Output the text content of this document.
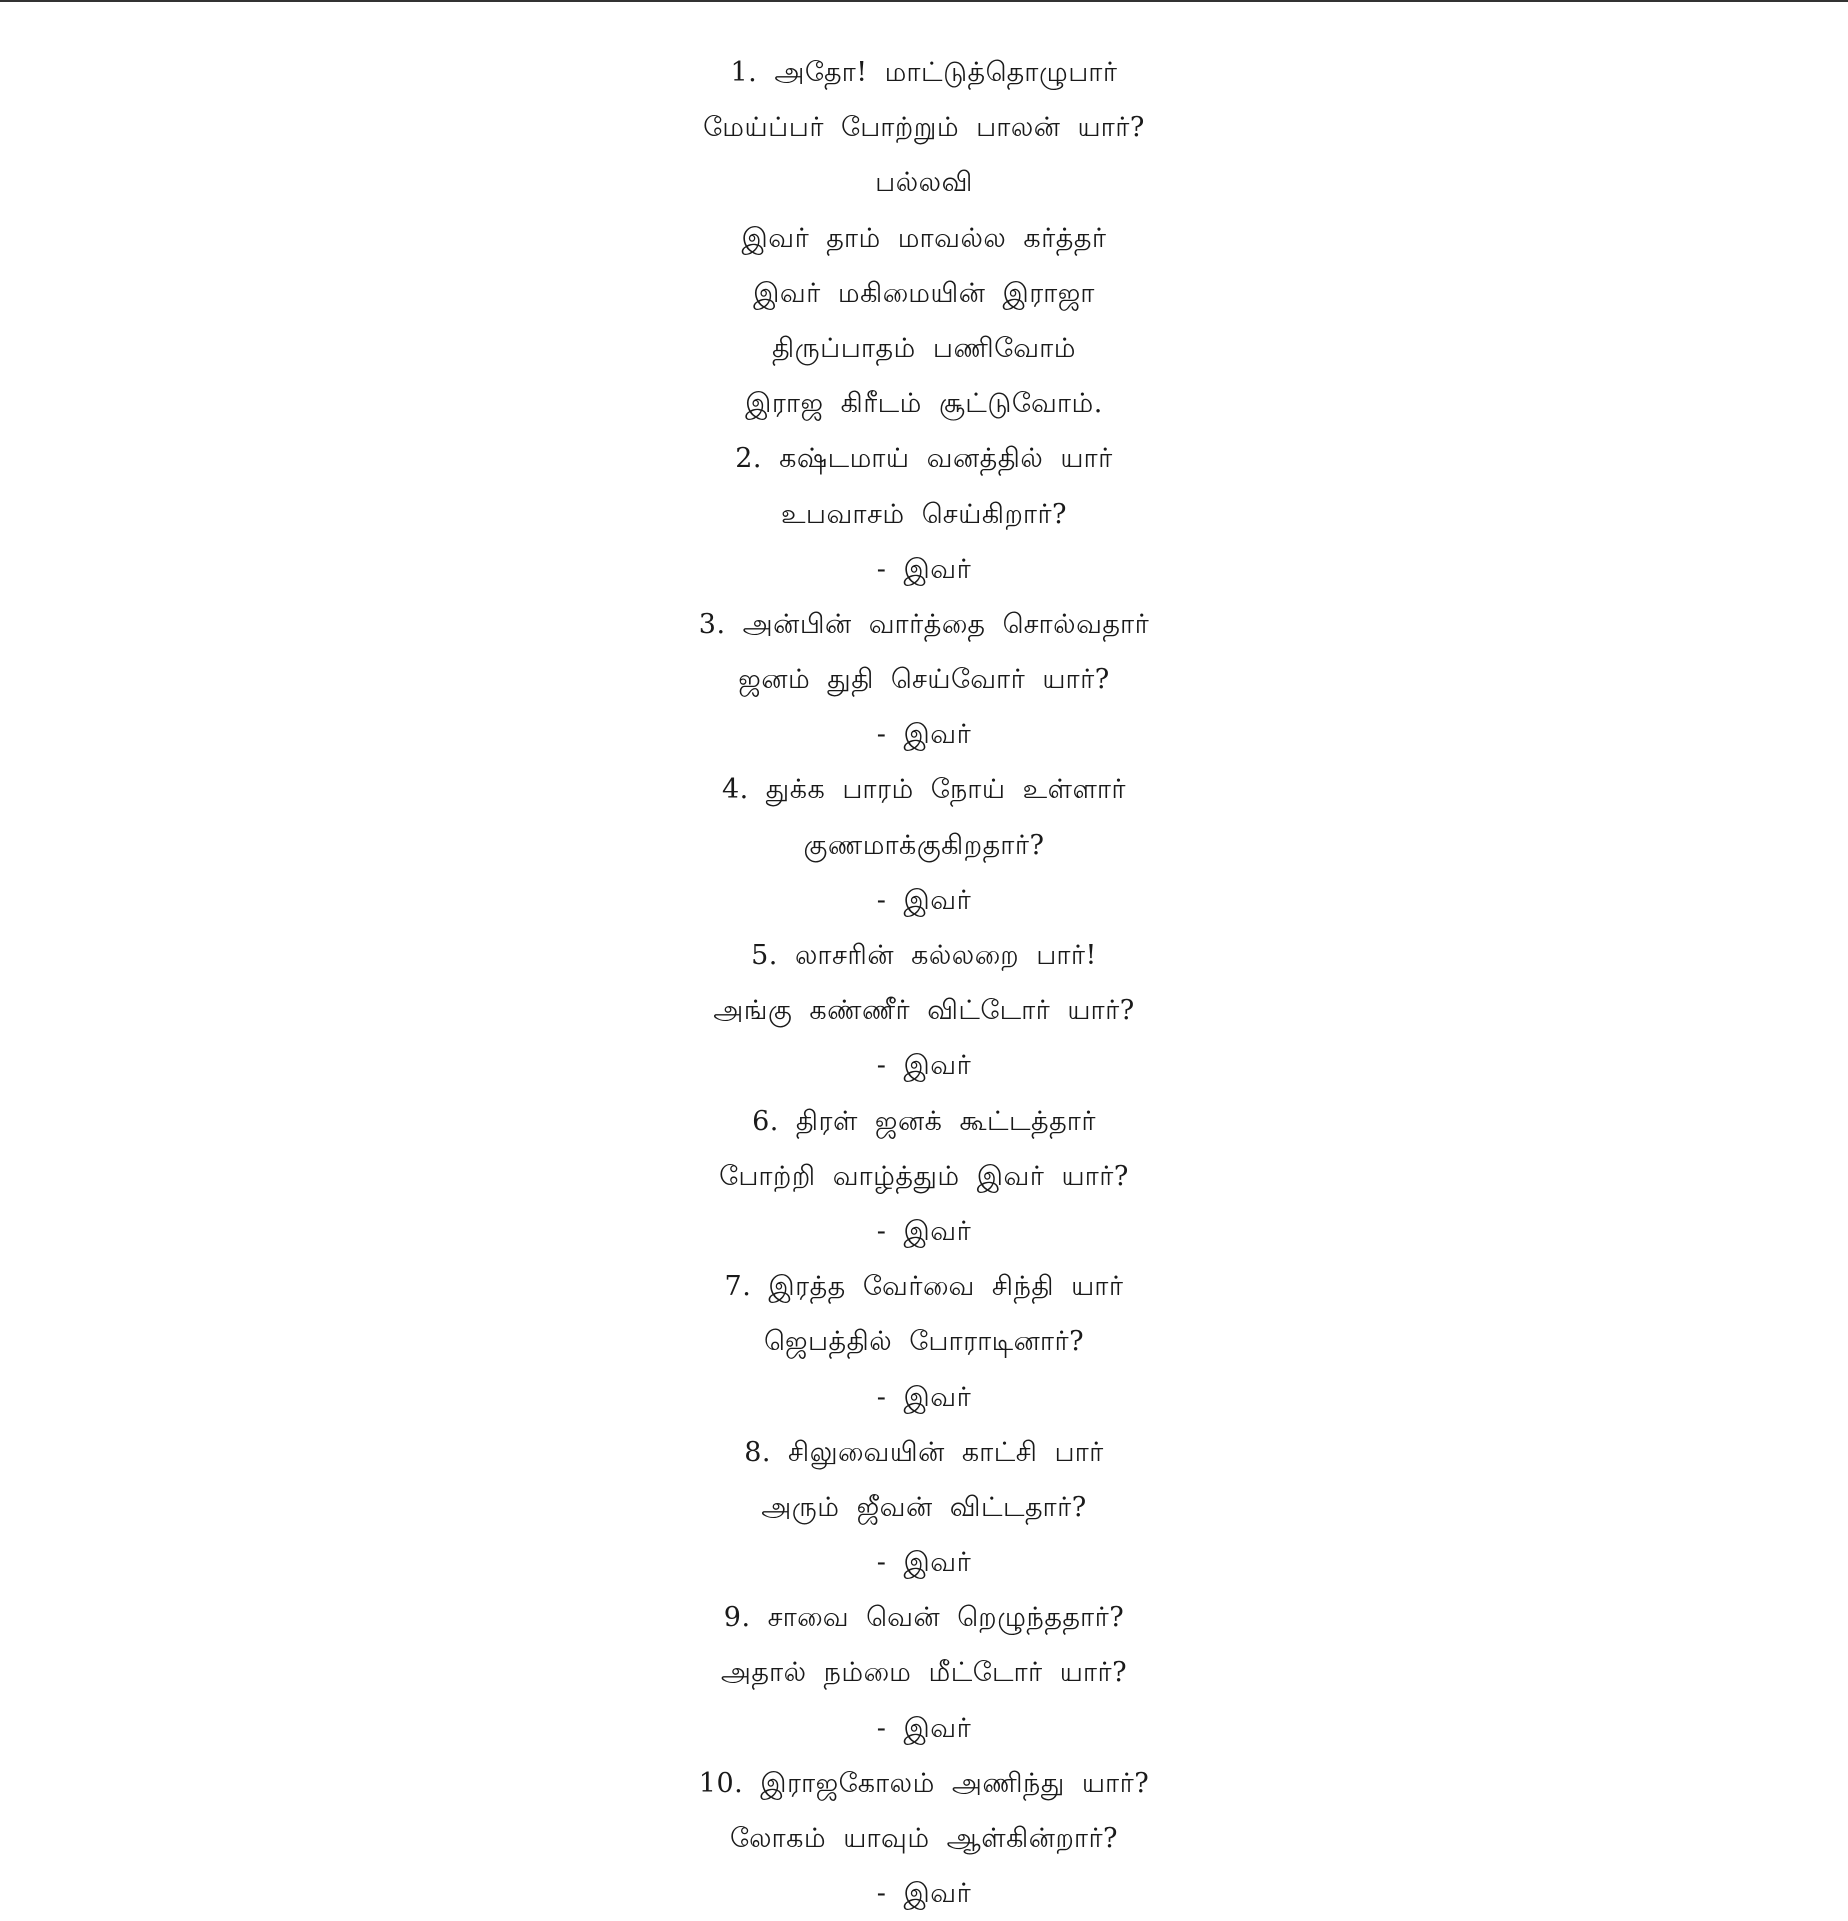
1. அதோ! மாட்டுத்தொழுபார்
மேய்ப்பர் போற்றும் பாலன் யார்?
பல்லவி
இவர் தாம் மாவல்ல கர்த்தர்
இவர் மகிமையின் இராஜா
திருப்பாதம் பணிவோம்
இராஜ கிரீடம் சூட்டுவோம்.
2. கஷ்டமாய் வனத்தில் யார்
உபவாசம் செய்கிறார்?
- இவர்
3. அன்பின் வார்த்தை சொல்வதார்
ஜனம் துதி செய்வோர் யார்?
- இவர்
4. துக்க பாரம் நோய் உள்ளார்
குணமாக்குகிறதார்?
- இவர்
5. லாசரின் கல்லறை பார்!
அங்கு கண்ணீர் விட்டோர் யார்?
- இவர்
6. திரள் ஜனக் கூட்டத்தார்
போற்றி வாழ்த்தும் இவர் யார்?
- இவர்
7. இரத்த வேர்வை சிந்தி யார்
ஜெபத்தில் போராடினார்?
- இவர்
8. சிலுவையின் காட்சி பார்
அரும் ஜீவன் விட்டதார்?
- இவர்
9. சாவை வென் றெழுந்ததார்?
அதால் நம்மை மீட்டோர் யார்?
- இவர்
10. இராஜகோலம் அணிந்து யார்?
லோகம் யாவும் ஆள்கின்றார்?
- இவர்
